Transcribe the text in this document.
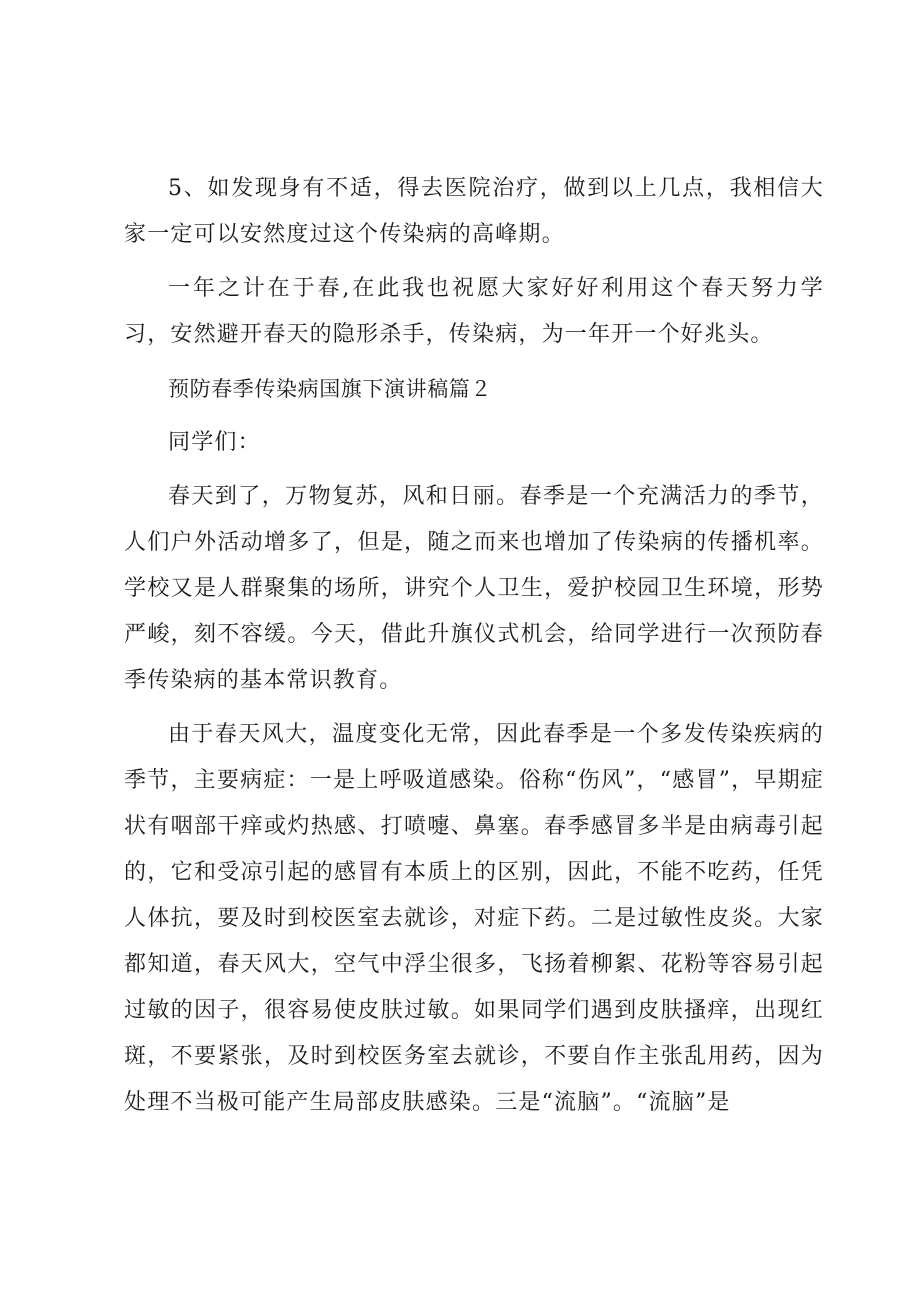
5、如发现身有不适，得去医院治疗，做到以上几点，我相信大家一定可以安然度过这个传染病的高峰期。

一年之计在于春,在此我也祝愿大家好好利用这个春天努力学习，安然避开春天的隐形杀手，传染病，为一年开一个好兆头。

预防春季传染病国旗下演讲稿篇２

同学们：

春天到了，万物复苏，风和日丽。春季是一个充满活力的季节，人们户外活动增多了，但是，随之而来也增加了传染病的传播机率。学校又是人群聚集的场所，讲究个人卫生，爱护校园卫生环境，形势严峻，刻不容缓。今天，借此升旗仪式机会，给同学进行一次预防春季传染病的基本常识教育。

由于春天风大，温度变化无常，因此春季是一个多发传染疾病的季节，主要病症：一是上呼吸道感染。俗称“伤风”，“感冒”，早期症状有咽部干痒或灼热感、打喷嚏、鼻塞。春季感冒多半是由病毒引起的，它和受凉引起的感冒有本质上的区别，因此，不能不吃药，任凭人体抗，要及时到校医室去就诊，对症下药。二是过敏性皮炎。大家都知道，春天风大，空气中浮尘很多，飞扬着柳絮、花粉等容易引起过敏的因子，很容易使皮肤过敏。如果同学们遇到皮肤搔痒，出现红斑，不要紧张，及时到校医务室去就诊，不要自作主张乱用药，因为处理不当极可能产生局部皮肤感染。三是“流脑”。“流脑”是
